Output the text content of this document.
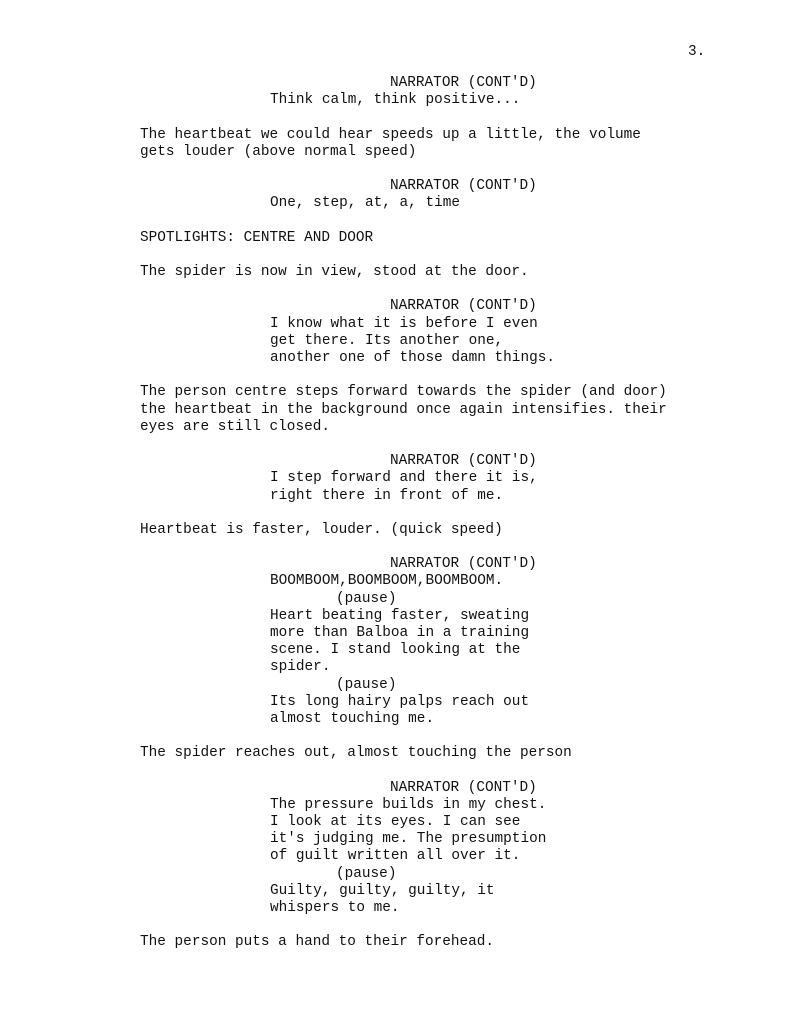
3.
NARRATOR (CONT'D)
Think calm, think positive...
The heartbeat we could hear speeds up a little, the volume
gets louder (above normal speed)
NARRATOR (CONT'D)
One, step, at, a, time
SPOTLIGHTS: CENTRE AND DOOR
The spider is now in view, stood at the door.
NARRATOR (CONT'D)
I know what it is before I even
get there. Its another one,
another one of those damn things.
The person centre steps forward towards the spider (and door)
the heartbeat in the background once again intensifies. their
eyes are still closed.
NARRATOR (CONT'D)
I step forward and there it is,
right there in front of me.
Heartbeat is faster, louder. (quick speed)
NARRATOR (CONT'D)
BOOMBOOM,BOOMBOOM,BOOMBOOM.
(pause)
Heart beating faster, sweating
more than Balboa in a training
scene. I stand looking at the
spider.
(pause)
Its long hairy palps reach out
almost touching me.
The spider reaches out, almost touching the person
NARRATOR (CONT'D)
The pressure builds in my chest.
I look at its eyes. I can see
it's judging me. The presumption
of guilt written all over it.
(pause)
Guilty, guilty, guilty, it
whispers to me.
The person puts a hand to their forehead.
